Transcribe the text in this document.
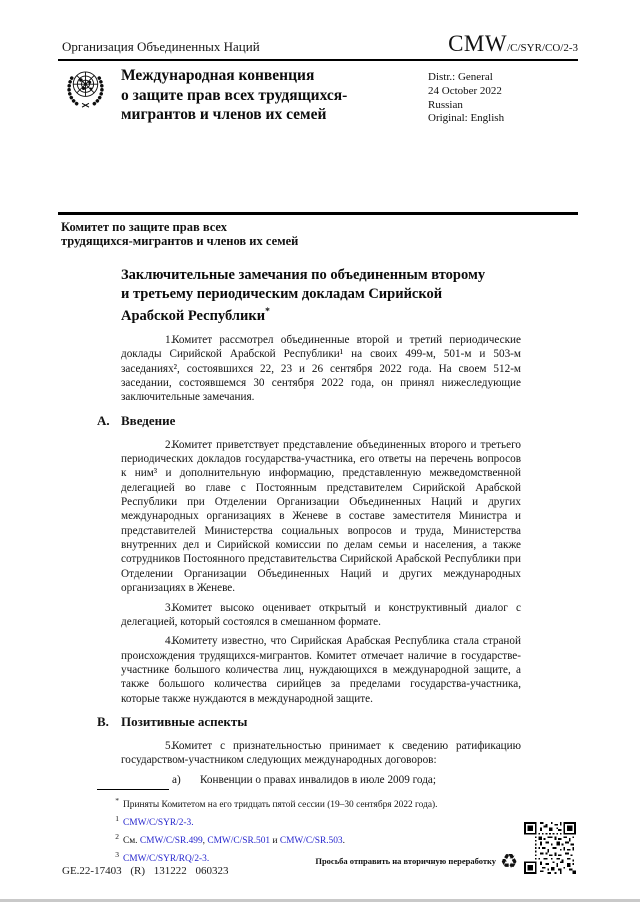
Организация Объединенных Наций	CMW /C/SYR/CO/2-3
Международная конвенция
о защите прав всех трудящихся-
мигрантов и членов их семей
Distr.: General
24 October 2022
Russian
Original: English
Комитет по защите прав всех
трудящихся-мигрантов и членов их семей
Заключительные замечания по объединенным второму
и третьему периодическим докладам Сирийской
Арабской Республики*

1.Комитет рассмотрел объединенные второй и третий периодические доклады Сирийской Арабской Республики¹ на своих 499-м, 501-м и 503-м заседаниях², состоявшихся 22, 23 и 26 сентября 2022 года. На своем 512-м заседании, состоявшемся 30 сентября 2022 года, он принял нижеследующие заключительные замечания.

A. Введение

2.Комитет приветствует представление объединенных второго и третьего периодических докладов государства-участника, его ответы на перечень вопросов к ним³ и дополнительную информацию, представленную межведомственной делегацией во главе с Постоянным представителем Сирийской Арабской Республики при Отделении Организации Объединенных Наций и других международных организациях в Женеве в составе заместителя Министра и представителей Министерства социальных вопросов и труда, Министерства внутренних дел и Сирийской комиссии по делам семьи и населения, а также сотрудников Постоянного представительства Сирийской Арабской Республики при Отделении Организации Объединенных Наций и других международных организациях в Женеве.

3.Комитет высоко оценивает открытый и конструктивный диалог с делегацией, который состоялся в смешанном формате.

4.Комитету известно, что Сирийская Арабская Республика стала страной происхождения трудящихся-мигрантов. Комитет отмечает наличие в государстве-участнике большого количества лиц, нуждающихся в международной защите, а также большого количества сирийцев за пределами государства-участника, которые также нуждаются в международной защите.

B. Позитивные аспекты

5.Комитет с признательностью принимает к сведению ратификацию государством-участником следующих международных договоров:

a) Конвенции о правах инвалидов в июле 2009 года;

* Приняты Комитетом на его тридцать пятой сессии (19–30 сентября 2022 года).
$^1$ CMW/C/SYR/2-3.
$^2$ См. CMW/C/SR.499, CMW/C/SR.501 и CMW/C/SR.503.
$^3$ CMW/C/SYR/RQ/2-3.
GE.22-17403 (R) 131222 060323
Просьба отправить на вторичную переработку ♻
